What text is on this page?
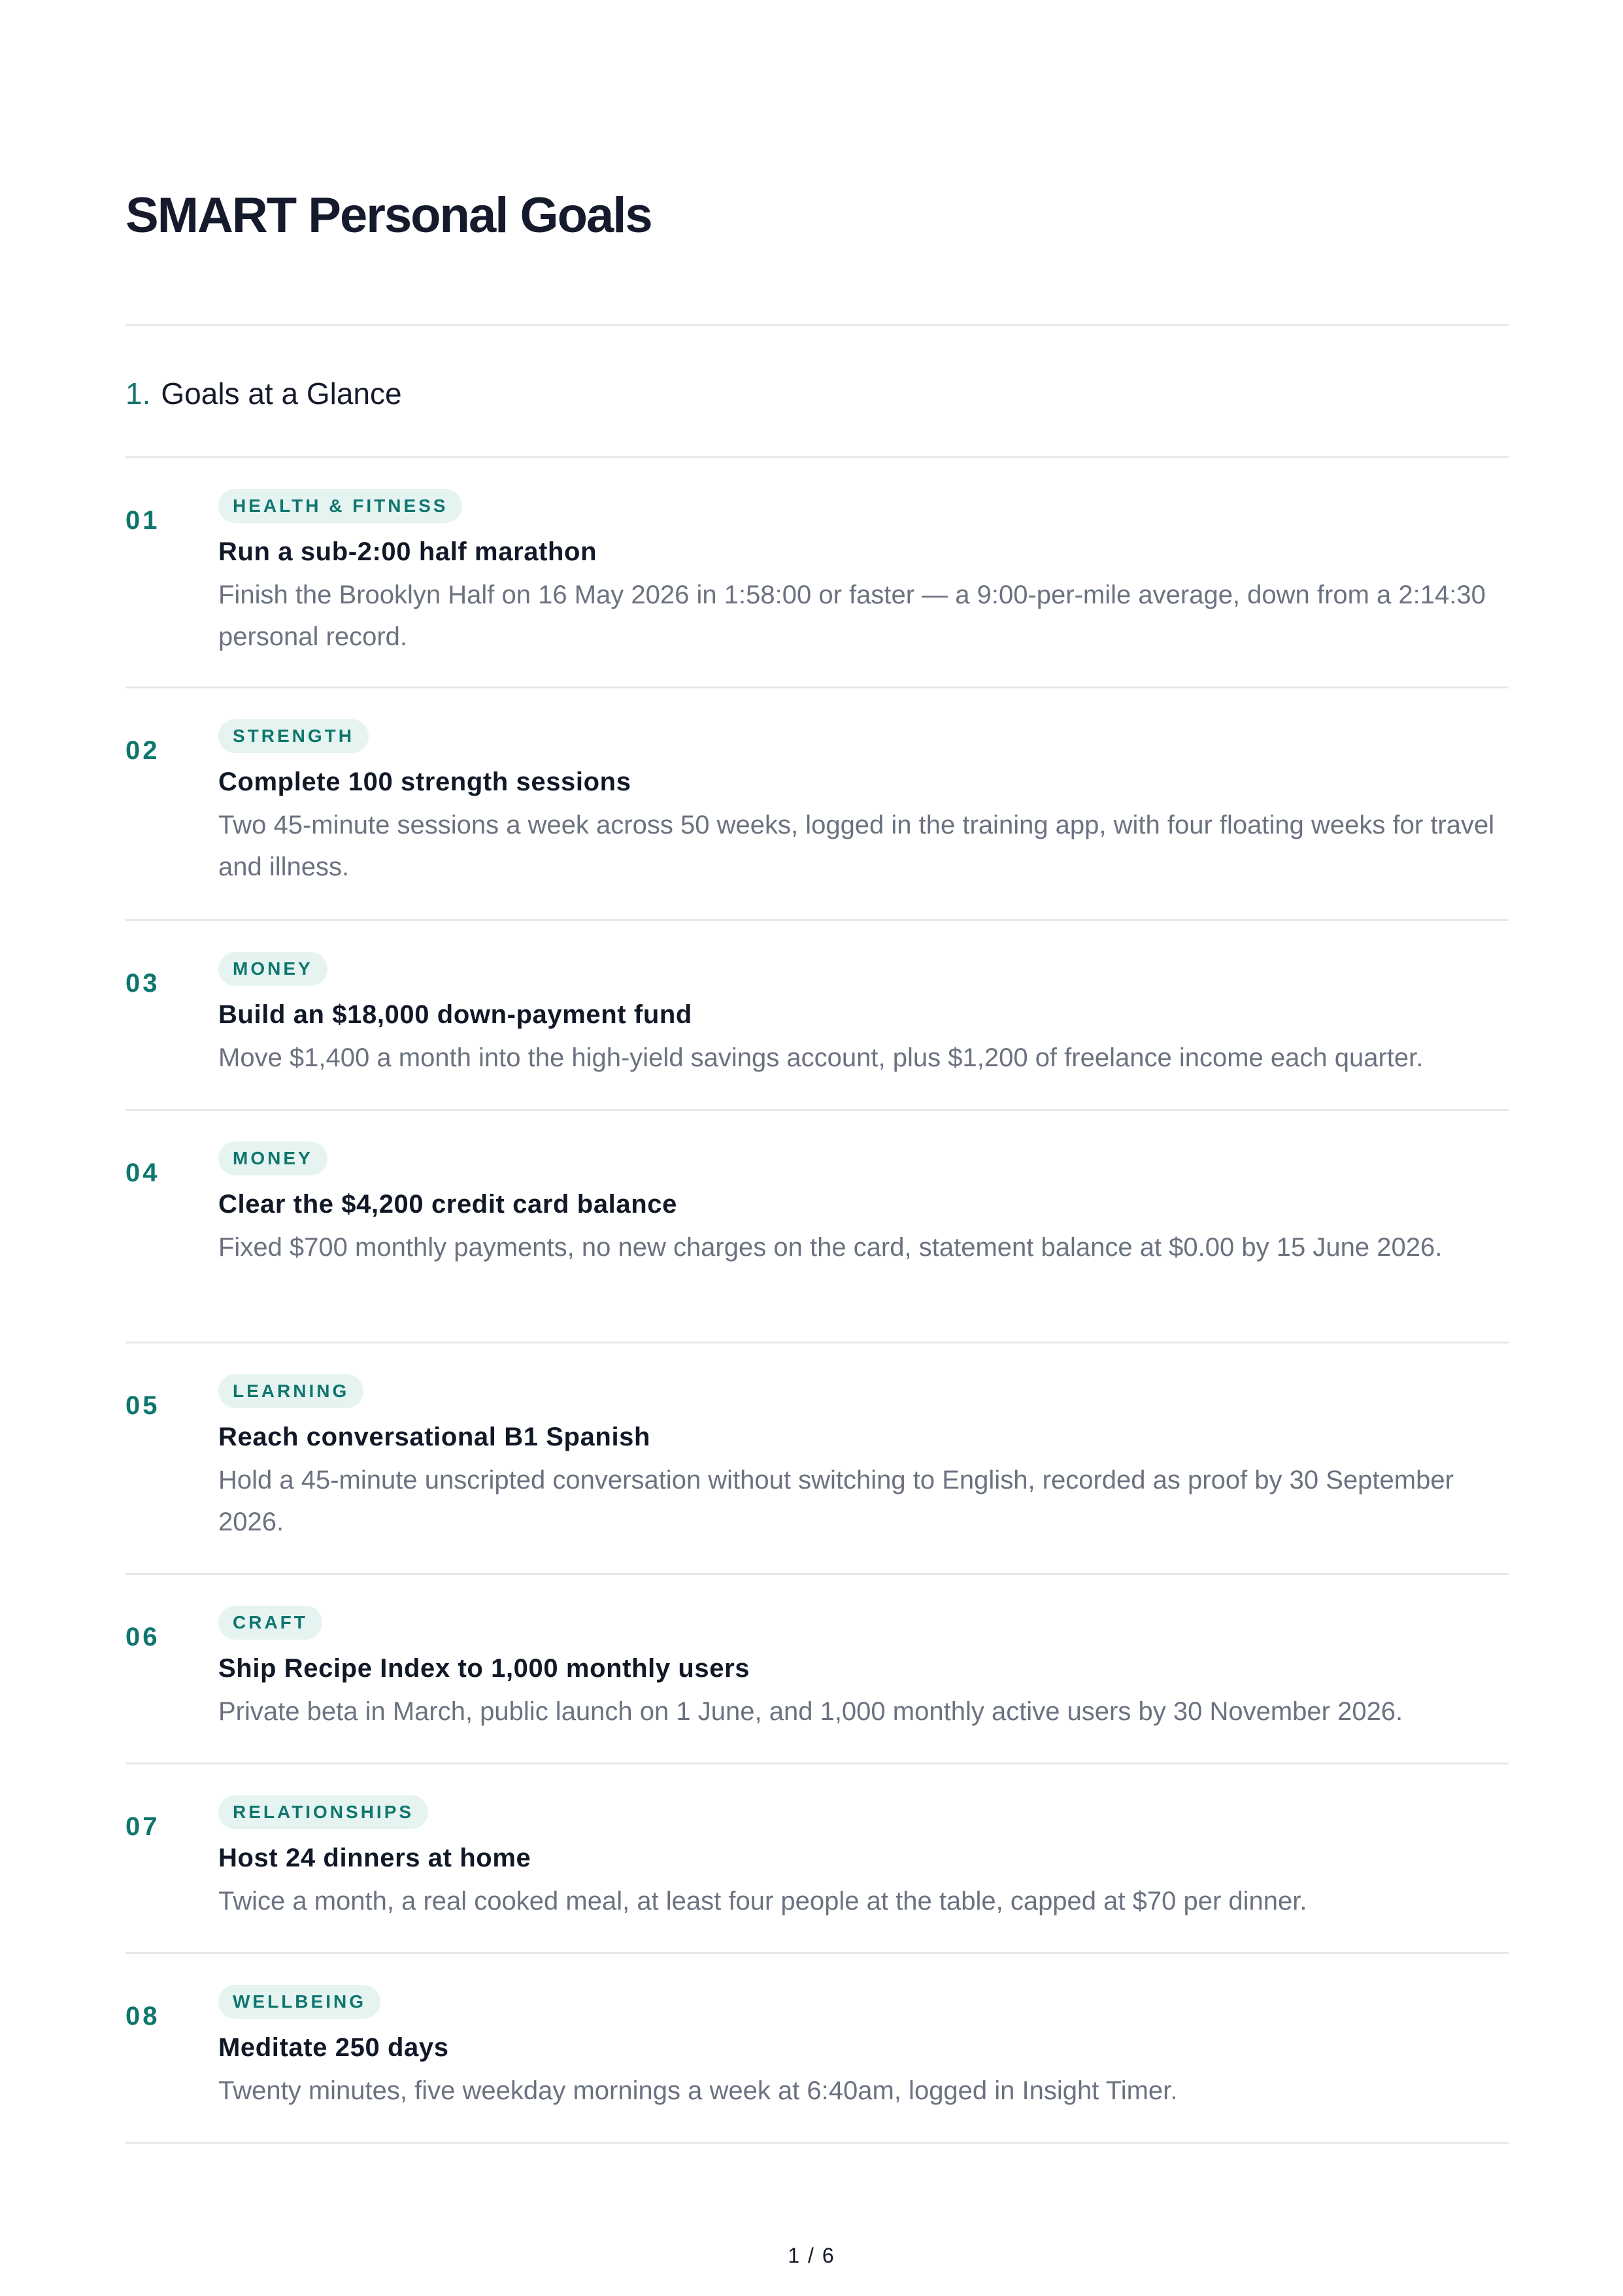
SMART Personal Goals
1. Goals at a Glance
01
HEALTH & FITNESS
Run a sub-2:00 half marathon
Finish the Brooklyn Half on 16 May 2026 in 1:58:00 or faster — a 9:00-per-mile average, down from a 2:14:30 personal record.
02
STRENGTH
Complete 100 strength sessions
Two 45-minute sessions a week across 50 weeks, logged in the training app, with four floating weeks for travel and illness.
03
MONEY
Build an $18,000 down-payment fund
Move $1,400 a month into the high-yield savings account, plus $1,200 of freelance income each quarter.
04
MONEY
Clear the $4,200 credit card balance
Fixed $700 monthly payments, no new charges on the card, statement balance at $0.00 by 15 June 2026.
05
LEARNING
Reach conversational B1 Spanish
Hold a 45-minute unscripted conversation without switching to English, recorded as proof by 30 September 2026.
06
CRAFT
Ship Recipe Index to 1,000 monthly users
Private beta in March, public launch on 1 June, and 1,000 monthly active users by 30 November 2026.
07
RELATIONSHIPS
Host 24 dinners at home
Twice a month, a real cooked meal, at least four people at the table, capped at $70 per dinner.
08
WELLBEING
Meditate 250 days
Twenty minutes, five weekday mornings a week at 6:40am, logged in Insight Timer.
1 / 6
